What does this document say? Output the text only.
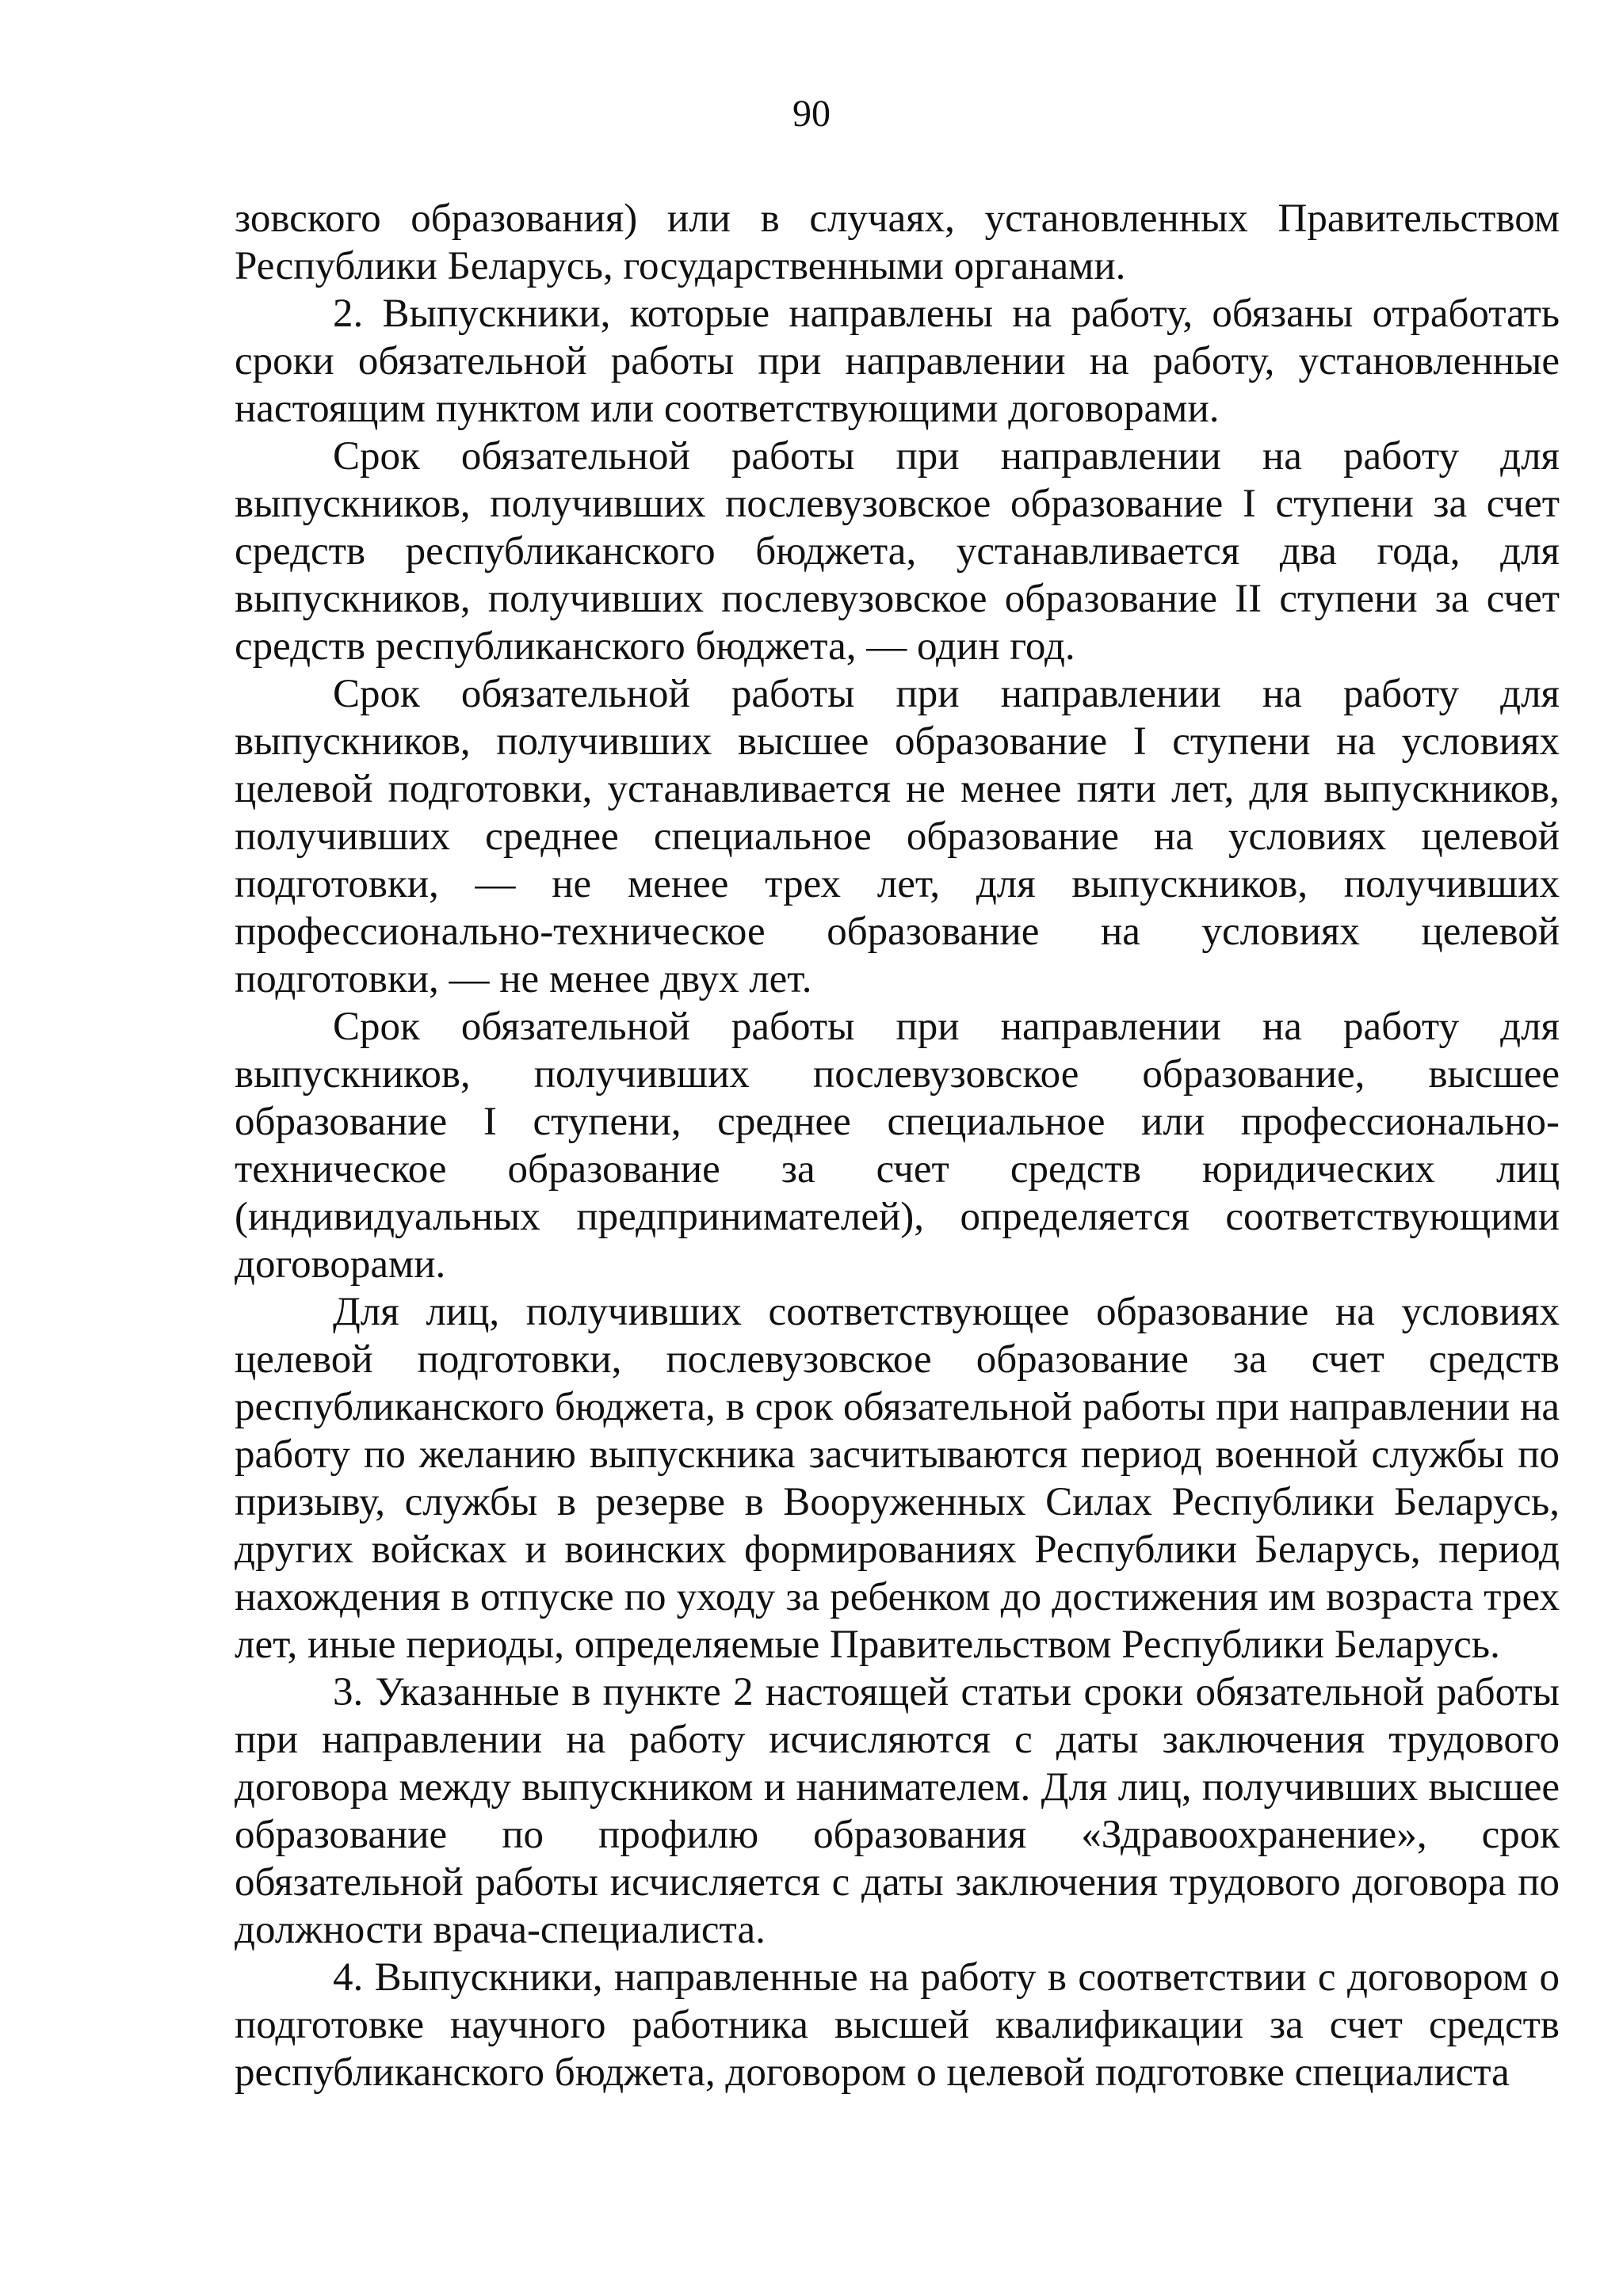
90

зовского образования) или в случаях, установленных Правительством Республики Беларусь, государственными органами.

2. Выпускники, которые направлены на работу, обязаны отработать сроки обязательной работы при направлении на работу, установленные настоящим пунктом или соответствующими договорами.

Срок обязательной работы при направлении на работу для выпускников, получивших послевузовское образование I ступени за счет средств республиканского бюджета, устанавливается два года, для выпускников, получивших послевузовское образование II ступени за счет средств республиканского бюджета, — один год.

Срок обязательной работы при направлении на работу для выпускников, получивших высшее образование I ступени на условиях целевой подготовки, устанавливается не менее пяти лет, для выпускников, получивших среднее специальное образование на условиях целевой подготовки, — не менее трех лет, для выпускников, получивших профессионально-техническое образование на условиях целевой подготовки, — не менее двух лет.

Срок обязательной работы при направлении на работу для выпускников, получивших послевузовское образование, высшее образование I ступени, среднее специальное или профессионально-техническое образование за счет средств юридических лиц (индивидуальных предпринимателей), определяется соответствующими договорами.

Для лиц, получивших соответствующее образование на условиях целевой подготовки, послевузовское образование за счет средств республиканского бюджета, в срок обязательной работы при направлении на работу по желанию выпускника засчитываются период военной службы по призыву, службы в резерве в Вооруженных Силах Республики Беларусь, других войсках и воинских формированиях Республики Беларусь, период нахождения в отпуске по уходу за ребенком до достижения им возраста трех лет, иные периоды, определяемые Правительством Республики Беларусь.

3. Указанные в пункте 2 настоящей статьи сроки обязательной работы при направлении на работу исчисляются с даты заключения трудового договора между выпускником и нанимателем. Для лиц, получивших высшее образование по профилю образования «Здравоохранение», срок обязательной работы исчисляется с даты заключения трудового договора по должности врача-специалиста.

4. Выпускники, направленные на работу в соответствии с договором о подготовке научного работника высшей квалификации за счет средств республиканского бюджета, договором о целевой подготовке специалиста
